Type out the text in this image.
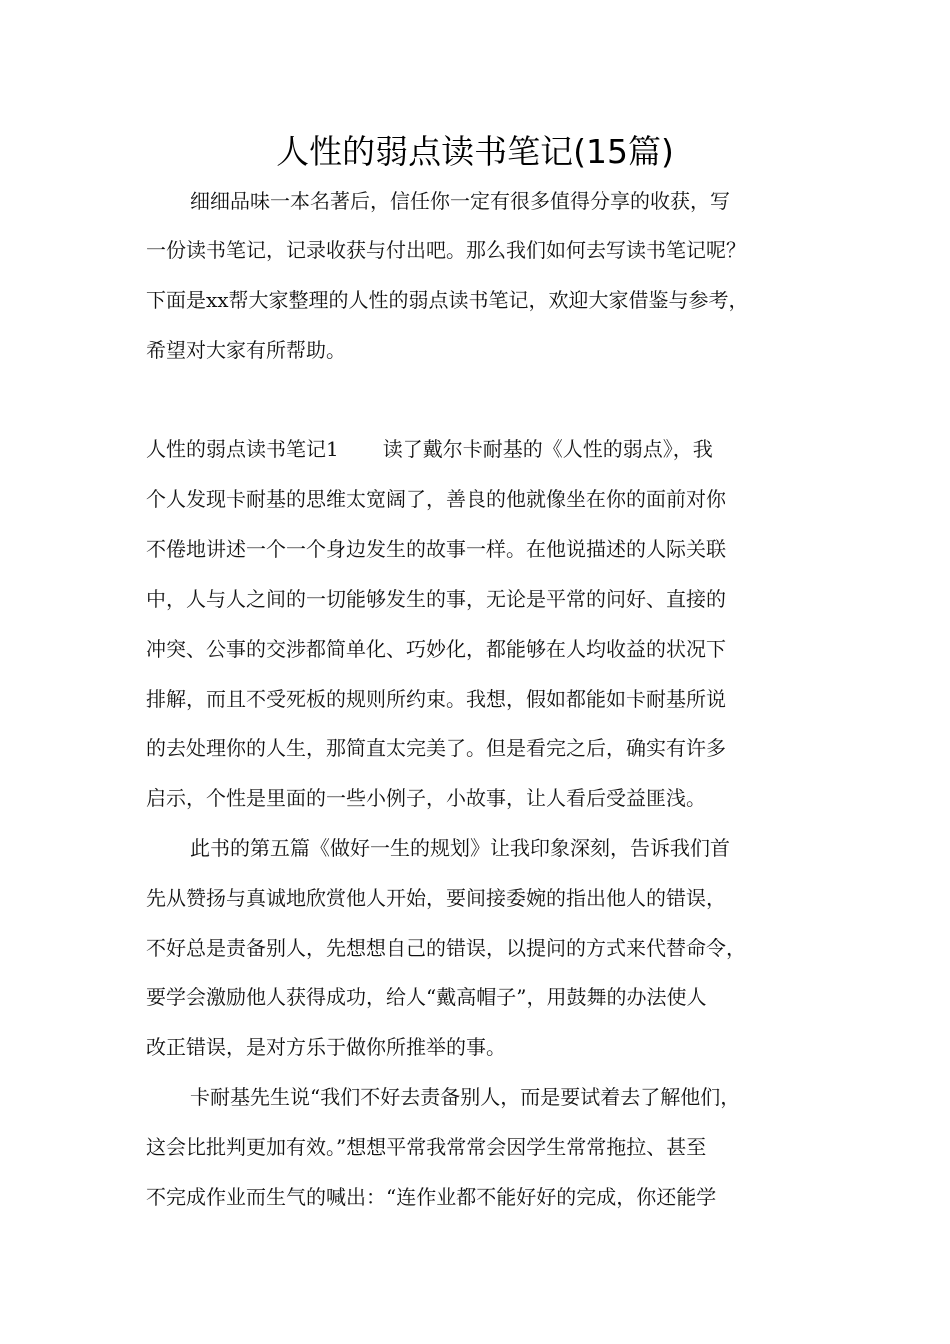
人性的弱点读书笔记(15篇)

细细品味一本名著后，信任你一定有很多值得分享的收获，写

一份读书笔记，记录收获与付出吧。那么我们如何去写读书笔记呢？

下面是xx帮大家整理的人性的弱点读书笔记，欢迎大家借鉴与参考，

希望对大家有所帮助。

人性的弱点读书笔记1 读了戴尔卡耐基的《人性的弱点》，我

个人发现卡耐基的思维太宽阔了，善良的他就像坐在你的面前对你

不倦地讲述一个一个身边发生的故事一样。在他说描述的人际关联

中，人与人之间的一切能够发生的事，无论是平常的问好、直接的

冲突、公事的交涉都简单化、巧妙化，都能够在人均收益的状况下

排解，而且不受死板的规则所约束。我想，假如都能如卡耐基所说

的去处理你的人生，那简直太完美了。但是看完之后，确实有许多

启示，个性是里面的一些小例子，小故事，让人看后受益匪浅。

此书的第五篇《做好一生的规划》让我印象深刻，告诉我们首

先从赞扬与真诚地欣赏他人开始，要间接委婉的指出他人的错误，

不好总是责备别人，先想想自己的错误，以提问的方式来代替命令，

要学会激励他人获得成功，给人“戴高帽子”，用鼓舞的办法使人

改正错误，是对方乐于做你所推举的事。

卡耐基先生说“我们不好去责备别人，而是要试着去了解他们，

这会比批判更加有效。”想想平常我常常会因学生常常拖拉、甚至

不完成作业而生气的喊出：“连作业都不能好好的完成，你还能学
